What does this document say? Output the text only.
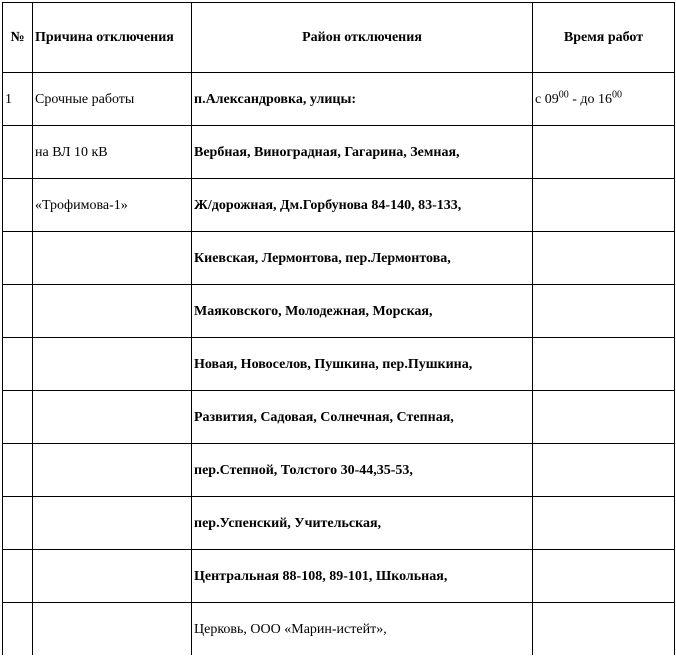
№	Причина отключения	Район отключения	Время работ
1	Срочные работы	п.Александровка, улицы:	с $09^{00}$ - до $16^{00}$
	на ВЛ 10 кВ	Вербная, Виноградная, Гагарина, Земная,	
	«Трофимова-1»	Ж/дорожная, Дм.Горбунова 84-140, 83-133,	
		Киевская, Лермонтова, пер.Лермонтова,	
		Маяковского, Молодежная, Морская,	
		Новая, Новоселов, Пушкина, пер.Пушкина,	
		Развития, Садовая, Солнечная, Степная,	
		пер.Степной, Толстого 30-44,35-53,	
		пер.Успенский, Учительская,	
		Центральная 88-108, 89-101, Школьная,	
		Церковь, ООО «Марин-истейт»,	
